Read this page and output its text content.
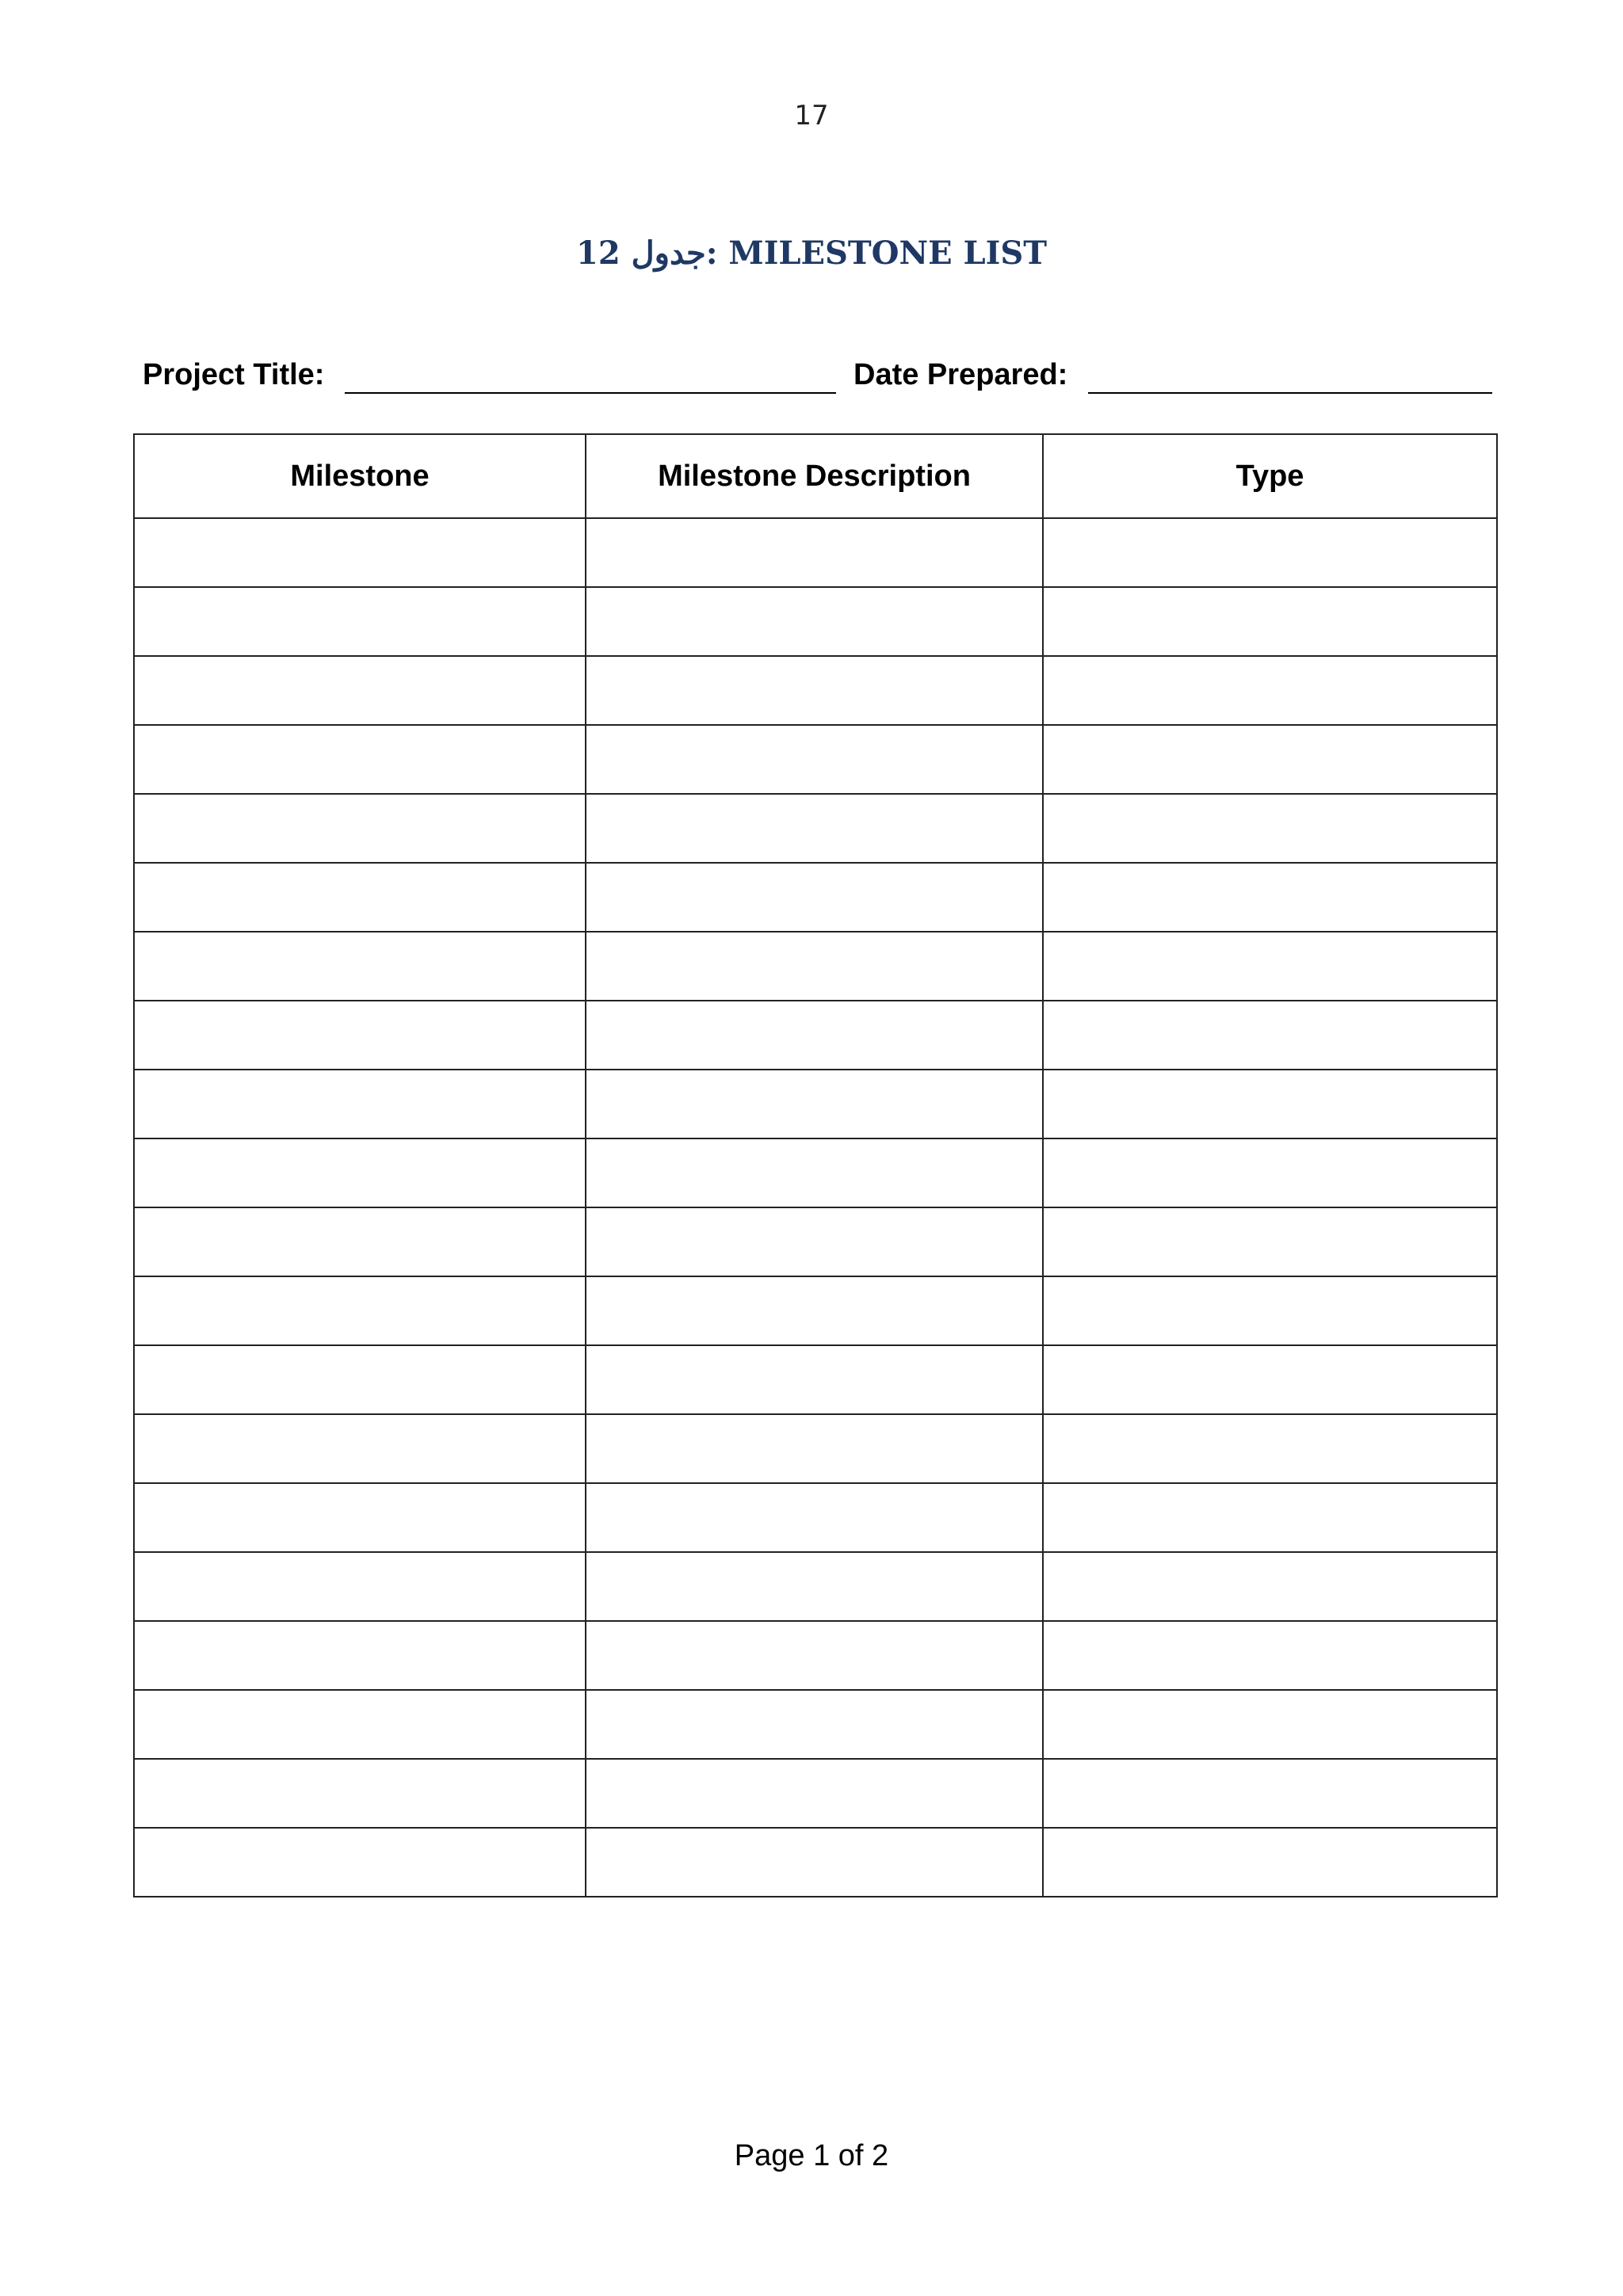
17
جدول 12: MILESTONE LIST
Project Title:	Date Prepared:
Milestone	Milestone Description	Type

Page 1 of 2
